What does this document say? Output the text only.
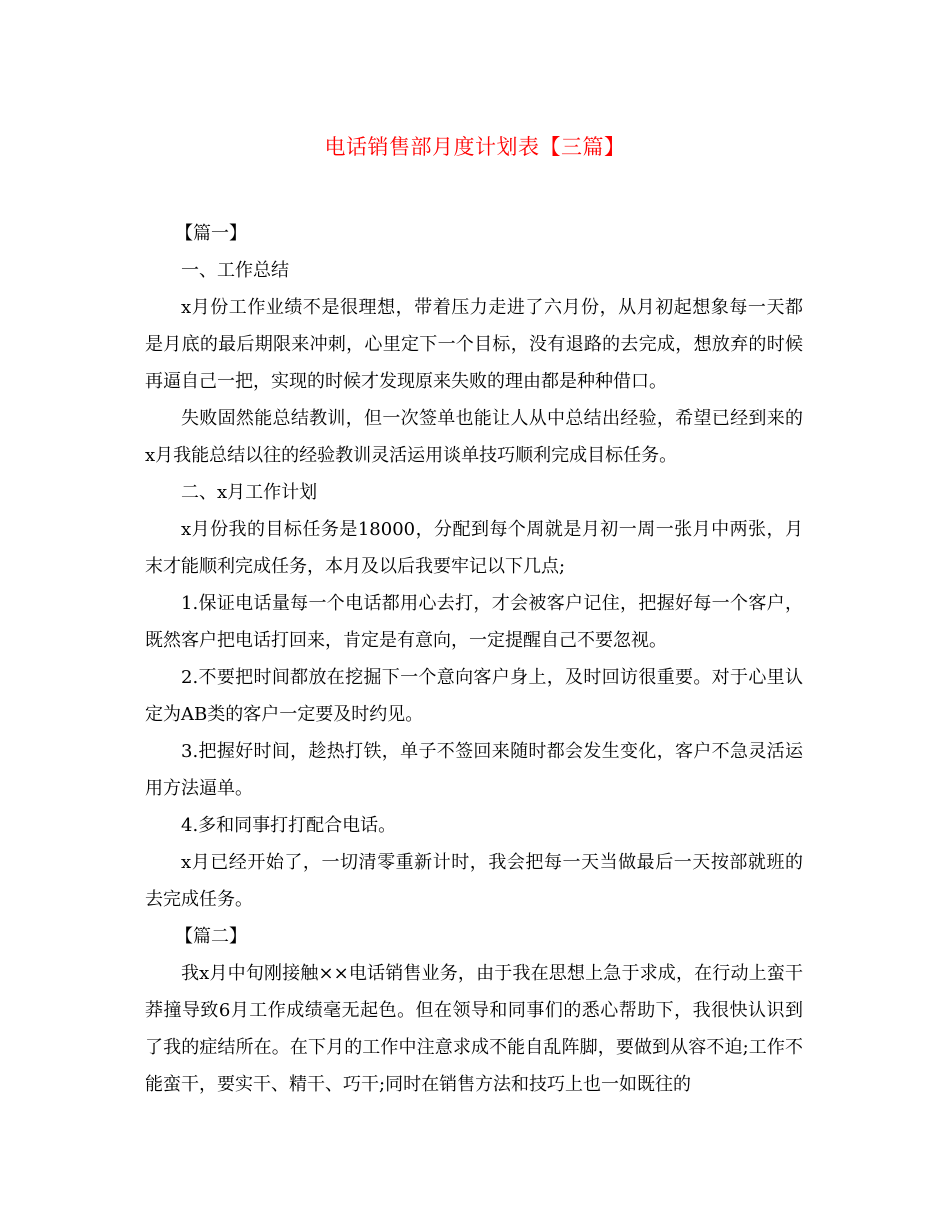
电话销售部月度计划表【三篇】

【篇一】

一、工作总结

x月份工作业绩不是很理想，带着压力走进了六月份，从月初起想象每一天都是月底的最后期限来冲刺，心里定下一个目标，没有退路的去完成，想放弃的时候再逼自己一把，实现的时候才发现原来失败的理由都是种种借口。

失败固然能总结教训，但一次签单也能让人从中总结出经验，希望已经到来的x月我能总结以往的经验教训灵活运用谈单技巧顺利完成目标任务。

二、x月工作计划

x月份我的目标任务是18000，分配到每个周就是月初一周一张月中两张，月末才能顺利完成任务，本月及以后我要牢记以下几点;

1.保证电话量每一个电话都用心去打，才会被客户记住，把握好每一个客户，既然客户把电话打回来，肯定是有意向，一定提醒自己不要忽视。

2.不要把时间都放在挖掘下一个意向客户身上，及时回访很重要。对于心里认定为AB类的客户一定要及时约见。

3.把握好时间，趁热打铁，单子不签回来随时都会发生变化，客户不急灵活运用方法逼单。

4.多和同事打打配合电话。

x月已经开始了，一切清零重新计时，我会把每一天当做最后一天按部就班的去完成任务。

【篇二】

我x月中旬刚接触××电话销售业务，由于我在思想上急于求成，在行动上蛮干莽撞导致6月工作成绩毫无起色。但在领导和同事们的悉心帮助下，我很快认识到了我的症结所在。在下月的工作中注意求成不能自乱阵脚，要做到从容不迫;工作不能蛮干，要实干、精干、巧干;同时在销售方法和技巧上也一如既往的
